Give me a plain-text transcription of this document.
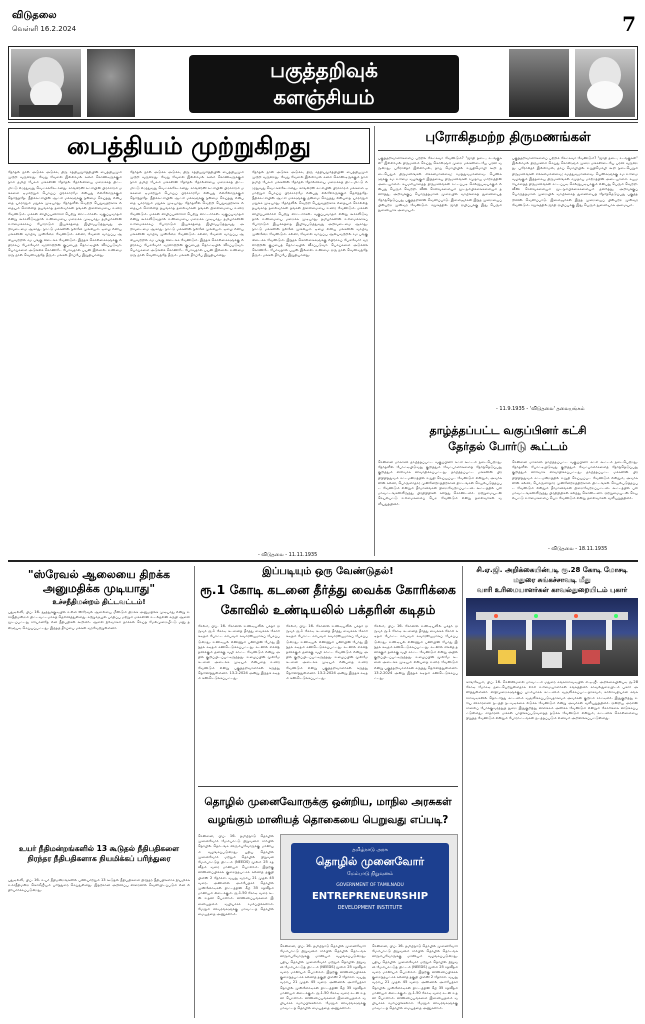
விடுதலை
வெள்ளி 16.2.2024	7
பகுத்தறிவுக்
களஞ்சியம்
பைத்தியம் முற்றுகிறது
தேர்தல் நாள் அடுக்க அடுக்க, திரு சத்தியமூர்த்தியின் பைத்தியமும் முற்றி வருகிறது. வேறு வேலை இல்லாமல் கனம் கொண்டிருக்கும் நாம் தமிழ் பேசும் மக்களின் தேர்தல் தோல்வியை மறைக்கத் திட்டமிட்டு எழுதுவது வெட்கக்கேடானது. காங்கிரஸ் கட்சியின் பிரச்சாரம் மக்களை ஏமாற்றும் பொய்ப் பிரச்சாரமே என்பது எல்லோருக்கும் தெரிந்ததே. நீதிக்கட்சியின் ஆட்சி மக்களுக்கு நன்மை செய்தது என்பதை யாராலும் மறுக்க முடியாது. தேர்தலில் வெற்றி பெறுவதற்காக எதையும் சொல்லத் தயங்காத தலைவர்கள் தங்கள் நிலைமையை உணர வேண்டும். மக்கள் விழிப்புணர்ச்சி பெற்று விட்டார்கள். வகுப்புவாதம் என்று கூச்சலிடுவதால் உண்மையை மறைக்க முடியாது. தமிழர்களின் உரிமைக்காகப் போராடும் இயக்கத்தை இழிவுபடுத்துவது அறிவுடைமை ஆகாது. நாட்டு மக்களின் நலனே முக்கியம். ஏழை எளிய மக்களின் வாழ்வு முன்னேற வேண்டும். கல்வி, வேலை வாய்ப்பு ஆகியவற்றில் சம பங்கு கிடைக்க வேண்டும். இந்தக் கொள்கைகளுக்கு எதிராகப் பேசுவோர் வரலாற்றின் குப்பைத் தொட்டியில் வீசப்படுவர். பொய்களை அடுக்கிக் கொண்டே போவதால் பயன் இல்லை. உண்மை ஒரு நாள் வெளிவந்தே தீரும். மக்கள் தீர்ப்பே இறுதியானது.
தேர்தல் நாள் அடுக்க அடுக்க, திரு சத்தியமூர்த்தியின் பைத்தியமும் முற்றி வருகிறது. வேறு வேலை இல்லாமல் கனம் கொண்டிருக்கும் நாம் தமிழ் பேசும் மக்களின் தேர்தல் தோல்வியை மறைக்கத் திட்டமிட்டு எழுதுவது வெட்கக்கேடானது. காங்கிரஸ் கட்சியின் பிரச்சாரம் மக்களை ஏமாற்றும் பொய்ப் பிரச்சாரமே என்பது எல்லோருக்கும் தெரிந்ததே. நீதிக்கட்சியின் ஆட்சி மக்களுக்கு நன்மை செய்தது என்பதை யாராலும் மறுக்க முடியாது. தேர்தலில் வெற்றி பெறுவதற்காக எதையும் சொல்லத் தயங்காத தலைவர்கள் தங்கள் நிலைமையை உணர வேண்டும். மக்கள் விழிப்புணர்ச்சி பெற்று விட்டார்கள். வகுப்புவாதம் என்று கூச்சலிடுவதால் உண்மையை மறைக்க முடியாது. தமிழர்களின் உரிமைக்காகப் போராடும் இயக்கத்தை இழிவுபடுத்துவது அறிவுடைமை ஆகாது. நாட்டு மக்களின் நலனே முக்கியம். ஏழை எளிய மக்களின் வாழ்வு முன்னேற வேண்டும். கல்வி, வேலை வாய்ப்பு ஆகியவற்றில் சம பங்கு கிடைக்க வேண்டும். இந்தக் கொள்கைகளுக்கு எதிராகப் பேசுவோர் வரலாற்றின் குப்பைத் தொட்டியில் வீசப்படுவர். பொய்களை அடுக்கிக் கொண்டே போவதால் பயன் இல்லை. உண்மை ஒரு நாள் வெளிவந்தே தீரும். மக்கள் தீர்ப்பே இறுதியானது.
தேர்தல் நாள் அடுக்க அடுக்க, திரு சத்தியமூர்த்தியின் பைத்தியமும் முற்றி வருகிறது. வேறு வேலை இல்லாமல் கனம் கொண்டிருக்கும் நாம் தமிழ் பேசும் மக்களின் தேர்தல் தோல்வியை மறைக்கத் திட்டமிட்டு எழுதுவது வெட்கக்கேடானது. காங்கிரஸ் கட்சியின் பிரச்சாரம் மக்களை ஏமாற்றும் பொய்ப் பிரச்சாரமே என்பது எல்லோருக்கும் தெரிந்ததே. நீதிக்கட்சியின் ஆட்சி மக்களுக்கு நன்மை செய்தது என்பதை யாராலும் மறுக்க முடியாது. தேர்தலில் வெற்றி பெறுவதற்காக எதையும் சொல்லத் தயங்காத தலைவர்கள் தங்கள் நிலைமையை உணர வேண்டும். மக்கள் விழிப்புணர்ச்சி பெற்று விட்டார்கள். வகுப்புவாதம் என்று கூச்சலிடுவதால் உண்மையை மறைக்க முடியாது. தமிழர்களின் உரிமைக்காகப் போராடும் இயக்கத்தை இழிவுபடுத்துவது அறிவுடைமை ஆகாது. நாட்டு மக்களின் நலனே முக்கியம். ஏழை எளிய மக்களின் வாழ்வு முன்னேற வேண்டும். கல்வி, வேலை வாய்ப்பு ஆகியவற்றில் சம பங்கு கிடைக்க வேண்டும். இந்தக் கொள்கைகளுக்கு எதிராகப் பேசுவோர் வரலாற்றின் குப்பைத் தொட்டியில் வீசப்படுவர். பொய்களை அடுக்கிக் கொண்டே போவதால் பயன் இல்லை. உண்மை ஒரு நாள் வெளிவந்தே தீரும். மக்கள் தீர்ப்பே இறுதியானது.
- விடுதலை - 11.11.1935
புரோகிதமற்ற திருமணங்கள்
பகுத்தறிவாளர்களைப் பற்றிக் கேட்கவா வேண்டும்? "ஜாதி தடை, சடங்குகள்" இல்லாமல் திருமணம் செய்து கொள்ளும் முறை மக்களிடையே பரவி வருகிறது. புரோகிதர் இல்லாமல், தாய் மொழியில் உறுதிமொழி கூறி நடைபெறும் திருமணங்கள் சிக்கனமானவை; சமத்துவமானவை. பெண்களுக்கு சம உரிமை வழங்கும் இத்தகைய திருமணங்கள் சமுதாய மாற்றத்தின் அடையாளம். சுயமரியாதைத் திருமணங்கள் சட்டப்படி செல்லுபடியாகும் என்பது பெரும் வெற்றி. வீண் செலவுகளையும் மூடநம்பிக்கைகளையும் தவிர்த்து, அறிவுக்குப் பொருத்தமான முறையில் வாழ்க்கைத் துணையைத் தேர்ந்தெடுப்பது பகுத்தறிவின் வெளிப்பாடு. இளைஞர்கள் இந்த முறையைப் பின்பற்ற முன்வர வேண்டும். சமூகத்தில் ஜாதி ஒழிப்புக்கு இது பெரும் துணையாக அமையும்.
பகுத்தறிவாளர்களைப் பற்றிக் கேட்கவா வேண்டும்? "ஜாதி தடை, சடங்குகள்" இல்லாமல் திருமணம் செய்து கொள்ளும் முறை மக்களிடையே பரவி வருகிறது. புரோகிதர் இல்லாமல், தாய் மொழியில் உறுதிமொழி கூறி நடைபெறும் திருமணங்கள் சிக்கனமானவை; சமத்துவமானவை. பெண்களுக்கு சம உரிமை வழங்கும் இத்தகைய திருமணங்கள் சமுதாய மாற்றத்தின் அடையாளம். சுயமரியாதைத் திருமணங்கள் சட்டப்படி செல்லுபடியாகும் என்பது பெரும் வெற்றி. வீண் செலவுகளையும் மூடநம்பிக்கைகளையும் தவிர்த்து, அறிவுக்குப் பொருத்தமான முறையில் வாழ்க்கைத் துணையைத் தேர்ந்தெடுப்பது பகுத்தறிவின் வெளிப்பாடு. இளைஞர்கள் இந்த முறையைப் பின்பற்ற முன்வர வேண்டும். சமூகத்தில் ஜாதி ஒழிப்புக்கு இது பெரும் துணையாக அமையும்.
- 11.9.1935 - 'விடுதலை' தலையங்கம்
தாழ்த்தப்பட்ட வகுப்பினர் கட்சி
தேர்தல் போர்டு கூட்டம்
சென்னை மாகாண தாழ்த்தப்பட்ட வகுப்பினர் கட்சி கூட்டம் நடைபெற்றது. தேர்தலில் போட்டியிடுவது குறித்தும் வேட்பாளர்களைத் தேர்ந்தெடுப்பது குறித்தும் விரிவாக விவாதிக்கப்பட்டது. தாழ்த்தப்பட்ட மக்களின் பிரதிநிதித்துவம் சட்டமன்றத்தில் உறுதி செய்யப்பட வேண்டும் என்றும், அவர்களின் கல்வி, பொருளாதார முன்னேற்றத்திற்கான திட்டங்கள் செயல்படுத்தப்பட வேண்டும் என்றும் தீர்மானங்கள் நிறைவேற்றப்பட்டன. கூட்டத்தில் பல மாவட்டங்களிலிருந்து பிரதிநிதிகள் கலந்து கொண்டனர். ஒற்றுமையுடன் செயல்பட்டு உரிமைகளைப் பெற வேண்டும் என்று தலைவர்கள் வலியுறுத்தினர்.
சென்னை மாகாண தாழ்த்தப்பட்ட வகுப்பினர் கட்சி கூட்டம் நடைபெற்றது. தேர்தலில் போட்டியிடுவது குறித்தும் வேட்பாளர்களைத் தேர்ந்தெடுப்பது குறித்தும் விரிவாக விவாதிக்கப்பட்டது. தாழ்த்தப்பட்ட மக்களின் பிரதிநிதித்துவம் சட்டமன்றத்தில் உறுதி செய்யப்பட வேண்டும் என்றும், அவர்களின் கல்வி, பொருளாதார முன்னேற்றத்திற்கான திட்டங்கள் செயல்படுத்தப்பட வேண்டும் என்றும் தீர்மானங்கள் நிறைவேற்றப்பட்டன. கூட்டத்தில் பல மாவட்டங்களிலிருந்து பிரதிநிதிகள் கலந்து கொண்டனர். ஒற்றுமையுடன் செயல்பட்டு உரிமைகளைப் பெற வேண்டும் என்று தலைவர்கள் வலியுறுத்தினர்.
- விடுதலை - 18.11.1935
"ஸ்ரேவல் ஆலையை திறக்க அனுமதிக்க முடியாது"
உச்சநீதிமன்றம் திட்டவட்டம்!
புதுடில்லி, பிப். 16- தூத்துக்குடியில் உள்ள ஸ்ரேவல் ஆலையை மீண்டும் திறக்க அனுமதிக்க முடியாது என்று உச்சநீதிமன்றம் திட்டவட்டமாகத் தெரிவித்துள்ளது. சுற்றுச்சூழல் பாதிப்பு மற்றும் மக்களின் உடல்நலன் கருதி ஆலை மூடப்பட்டது சரியானதே என நீதிபதிகள் கூறினர். ஆலை நிர்வாகம் தாக்கல் செய்த மேல்முறையீட்டு மனு தள்ளுபடி செய்யப்பட்டது. இந்தத் தீர்ப்பை மக்கள் வரவேற்றுள்ளனர்.
உயர் நீதிமன்றங்களில் 13 கூடுதல் நீதிபதிகளை நிரந்தர நீதிபதிகளாக நியமிக்கப் பரிந்துரை
புதுடில்லி, பிப். 16- உயர் நீதிமன்றங்களில் பணியாற்றும் 13 கூடுதல் நீதிபதிகளை நிரந்தர நீதிபதிகளாக நியமிக்க உச்சநீதிமன்ற கொலீஜியம் பரிந்துரை செய்துள்ளது. இதற்கான அறிவிப்பு விரைவில் வெளியிடப்படும் என எதிர்பார்க்கப்படுகிறது.
இப்படியும் ஒரு வேண்டுதல்!
ரூ.1 கோடி கடனை தீர்த்து வைக்க கோரிக்கை
கோவில் உண்டியலில் பக்தரின் கடிதம்
சேலம், பிப். 16- கோவில் உண்டியலில் பக்தர் ஒருவர் ரூ.1 கோடி கடனைத் தீர்த்து வைக்கக் கோரி கடிதம் போட்ட சம்பவம் சுவாரஸ்யமாகப் பேசப்படுகிறது. உண்டியல் எண்ணும் பணியின் போது இந்தக் கடிதம் கண்டெடுக்கப்பட்டது. கடனில் சிக்கித் தவிக்கும் தனக்கு வழி காட்ட வேண்டும் என்று அதில் குறிப்பிடப்பட்டிருந்தது. உழைப்பின் மூலமே கடனை அடைக்க முடியும் என்பதை உணர வேண்டும் என்று பகுத்தறிவாளர்கள் கருத்து தெரிவித்துள்ளனர். 13.2.2024 அன்று இந்தக் கடிதம் கண்டெடுக்கப்பட்டது.
சேலம், பிப். 16- கோவில் உண்டியலில் பக்தர் ஒருவர் ரூ.1 கோடி கடனைத் தீர்த்து வைக்கக் கோரி கடிதம் போட்ட சம்பவம் சுவாரஸ்யமாகப் பேசப்படுகிறது. உண்டியல் எண்ணும் பணியின் போது இந்தக் கடிதம் கண்டெடுக்கப்பட்டது. கடனில் சிக்கித் தவிக்கும் தனக்கு வழி காட்ட வேண்டும் என்று அதில் குறிப்பிடப்பட்டிருந்தது. உழைப்பின் மூலமே கடனை அடைக்க முடியும் என்பதை உணர வேண்டும் என்று பகுத்தறிவாளர்கள் கருத்து தெரிவித்துள்ளனர். 13.2.2024 அன்று இந்தக் கடிதம் கண்டெடுக்கப்பட்டது.
சேலம், பிப். 16- கோவில் உண்டியலில் பக்தர் ஒருவர் ரூ.1 கோடி கடனைத் தீர்த்து வைக்கக் கோரி கடிதம் போட்ட சம்பவம் சுவாரஸ்யமாகப் பேசப்படுகிறது. உண்டியல் எண்ணும் பணியின் போது இந்தக் கடிதம் கண்டெடுக்கப்பட்டது. கடனில் சிக்கித் தவிக்கும் தனக்கு வழி காட்ட வேண்டும் என்று அதில் குறிப்பிடப்பட்டிருந்தது. உழைப்பின் மூலமே கடனை அடைக்க முடியும் என்பதை உணர வேண்டும் என்று பகுத்தறிவாளர்கள் கருத்து தெரிவித்துள்ளனர். 13.2.2024 அன்று இந்தக் கடிதம் கண்டெடுக்கப்பட்டது.
சி.ஏ.ஜி. அறிக்கையின்படி ரூ.28 கோடி மோசடி
மதுரை சுங்கச்சாவடி மீது
வாரி உரிமையாளர்கள் காவல்துறையிடம் புகார்
காங்கேயம், பிப். 16- சென்னிமலை மாவட்டம் மதுரை சுங்கச்சாவடியில் சி.ஏ.ஜி. அறிக்கையின்படி ரூ.28 கோடி மோசடி நடைபெற்றுள்ளதாக லாரி உரிமையாளர்கள் சங்கத்தினர் காவல்துறையிடம் புகார் அளித்துள்ளனர். விதிமுறைகளுக்குப் புறம்பாகக் கட்டணம் வசூலிக்கப்பட்டதாகவும், காலாவதியான சுங்கச்சாவடிகளில் தொடர்ந்து கட்டணம் வசூலிக்கப்படுவதாகவும் அவர்கள் குற்றம் சாட்டினர். இதுகுறித்து உரிய விசாரணை நடத்தி நடவடிக்கை எடுக்க வேண்டும் என்று அவர்கள் வலியுறுத்தினர். ஒன்றிய அரசின் சாலைப் போக்குவரத்துத் துறை இதுகுறித்து விளக்கம் அளிக்க வேண்டும் என்றும் கோரிக்கை விடுக்கப்பட்டுள்ளது. சாதாரண மக்கள் பாதிக்கப்படுவதைத் தடுக்க வேண்டும் என்றும், கட்டணக் கொள்ளையை நிறுத்த வேண்டும் என்றும் போராட்டங்கள் நடத்தப்படும் எனவும் அறிவிக்கப்பட்டுள்ளது.
தொழில் முனைவோருக்கு ஒன்றிய, மாநில அரசுகள்
வழங்கும் மானியத் தொகையை பெறுவது எப்படி?
சென்னை, பிப். 16- தமிழ்நாடு தொழில் முனைவோர் மேம்பாட்டு நிறுவனம் சார்பில் தொழில் தொடங்க விரும்புவோருக்கு மானியம் வழங்கப்படுகிறது. புதிய தொழில் முனைவோர் மற்றும் தொழில் நிறுவன மேம்பாட்டுத் திட்டம் (NEEDS) மூலம் 25 சதவீதம் வரை மானியம் பெறலாம். இதற்கு விண்ணப்பிக்கக் குறைந்தபட்சக் கல்வித் தகுதி பிளஸ் 2 தேர்ச்சி. வயது வரம்பு 21 முதல் 45 வரை. அண்ணல் அம்பேத்கர் தொழில் முன்னோடிகள் திட்டத்தின் கீழ் 35 சதவீதம் மானியம் கிடைக்கும். ரூ.1.50 கோடி வரை கடன் உதவி பெறலாம். விண்ணப்பங்களை இணையதளம் வழியாகச் சமர்ப்பிக்கலாம். மேலும் விவரங்களுக்கு மாவட்டத் தொழில் மையத்தை அணுகலாம்.
தமிழ்நாடு அரசு
தொழில் முனைவோர்
மேம்பாடு நிறுவனம்
GOVERNMENT OF TAMILNADU
ENTREPRENEURSHIP
DEVELOPMENT INSTITUTE
சென்னை, பிப். 16- தமிழ்நாடு தொழில் முனைவோர் மேம்பாட்டு நிறுவனம் சார்பில் தொழில் தொடங்க விரும்புவோருக்கு மானியம் வழங்கப்படுகிறது. புதிய தொழில் முனைவோர் மற்றும் தொழில் நிறுவன மேம்பாட்டுத் திட்டம் (NEEDS) மூலம் 25 சதவீதம் வரை மானியம் பெறலாம். இதற்கு விண்ணப்பிக்கக் குறைந்தபட்சக் கல்வித் தகுதி பிளஸ் 2 தேர்ச்சி. வயது வரம்பு 21 முதல் 45 வரை. அண்ணல் அம்பேத்கர் தொழில் முன்னோடிகள் திட்டத்தின் கீழ் 35 சதவீதம் மானியம் கிடைக்கும். ரூ.1.50 கோடி வரை கடன் உதவி பெறலாம். விண்ணப்பங்களை இணையதளம் வழியாகச் சமர்ப்பிக்கலாம். மேலும் விவரங்களுக்கு மாவட்டத் தொழில் மையத்தை அணுகலாம்.
சென்னை, பிப். 16- தமிழ்நாடு தொழில் முனைவோர் மேம்பாட்டு நிறுவனம் சார்பில் தொழில் தொடங்க விரும்புவோருக்கு மானியம் வழங்கப்படுகிறது. புதிய தொழில் முனைவோர் மற்றும் தொழில் நிறுவன மேம்பாட்டுத் திட்டம் (NEEDS) மூலம் 25 சதவீதம் வரை மானியம் பெறலாம். இதற்கு விண்ணப்பிக்கக் குறைந்தபட்சக் கல்வித் தகுதி பிளஸ் 2 தேர்ச்சி. வயது வரம்பு 21 முதல் 45 வரை. அண்ணல் அம்பேத்கர் தொழில் முன்னோடிகள் திட்டத்தின் கீழ் 35 சதவீதம் மானியம் கிடைக்கும். ரூ.1.50 கோடி வரை கடன் உதவி பெறலாம். விண்ணப்பங்களை இணையதளம் வழியாகச் சமர்ப்பிக்கலாம். மேலும் விவரங்களுக்கு மாவட்டத் தொழில் மையத்தை அணுகலாம்.
